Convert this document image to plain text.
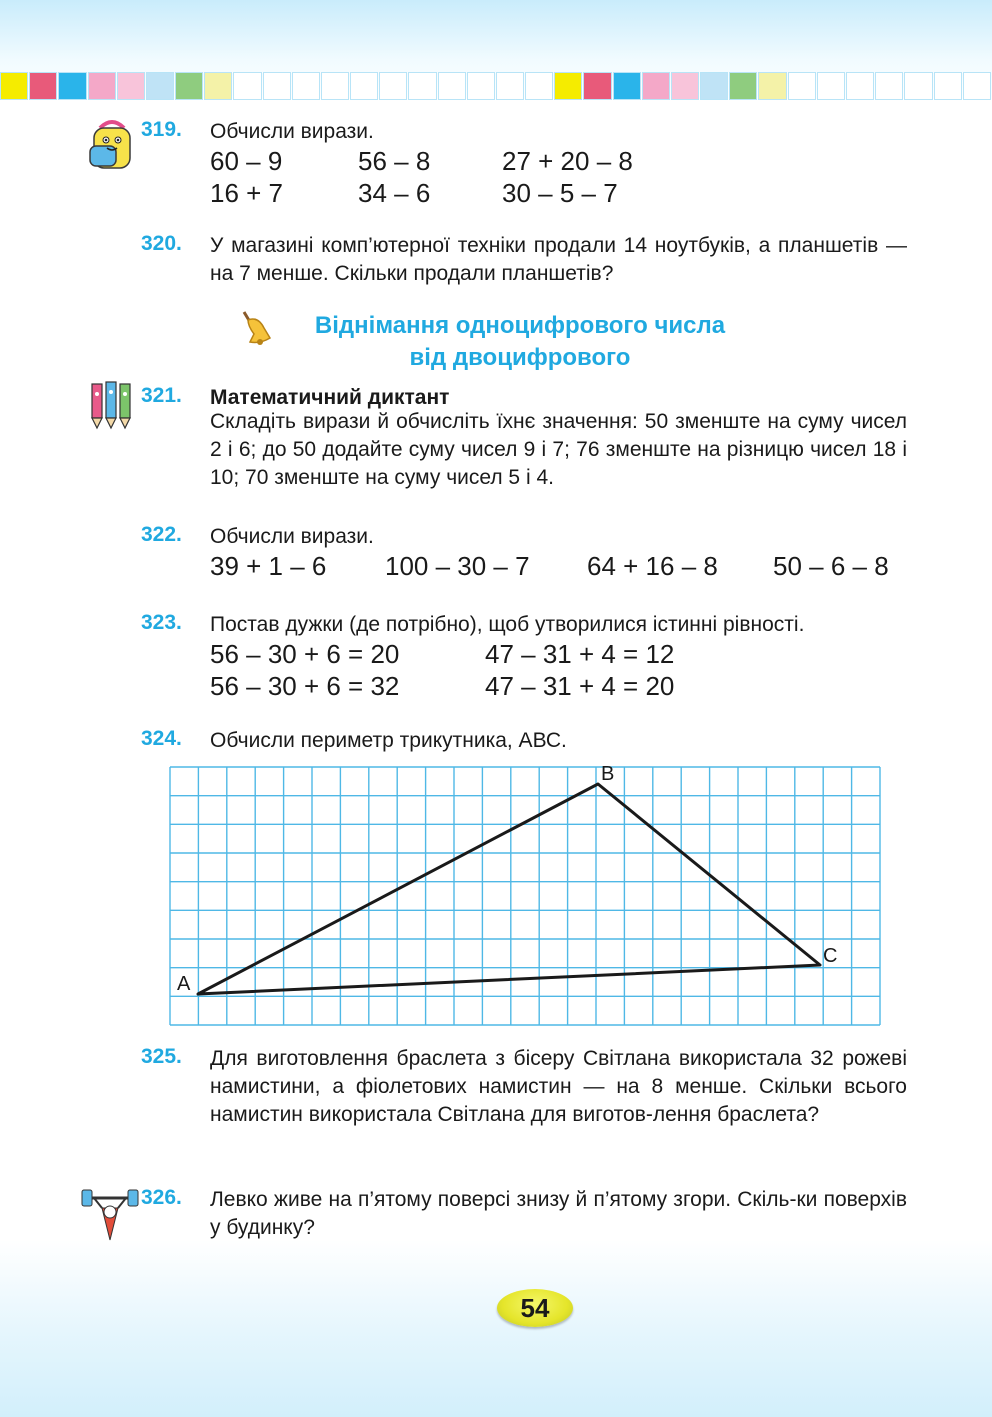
319.	Обчисли вирази.
60 – 9	56 – 8	27 + 20 – 8
16 + 7	34 – 6	30 – 5 – 7
320.	У магазині комп’ютерної техніки продали 14 ноутбуків, а планшетів — на 7 менше. Скільки продали планшетів?
Віднімання одноцифрового числа
від двоцифрового
321.	Математичний диктант
Складіть вирази й обчисліть їхнє значення: 50 зменште на суму чисел 2 і 6; до 50 додайте суму чисел 9 і 7; 76 зменште на різницю чисел 18 і 10; 70 зменште на суму чисел 5 і 4.
322.	Обчисли вирази.
39 + 1 – 6 100 – 30 – 7 64 + 16 – 8 50 – 6 – 8
323.	Постав дужки (де потрібно), щоб утворилися істинні рівності.
56 – 30 + 6 = 20	47 – 31 + 4 = 12
56 – 30 + 6 = 32	47 – 31 + 4 = 20
324.	Обчисли периметр трикутника, АВС.
А
В
С
325.	Для виготовлення браслета з бісеру Світлана використала 32 рожеві намистини, а фіолетових намистин — на 8 менше. Скільки всього намистин використала Світлана для виготов-лення браслета?
326.	Левко живе на п’ятому поверсі знизу й п’ятому згори. Скіль-ки поверхів у будинку?
54
